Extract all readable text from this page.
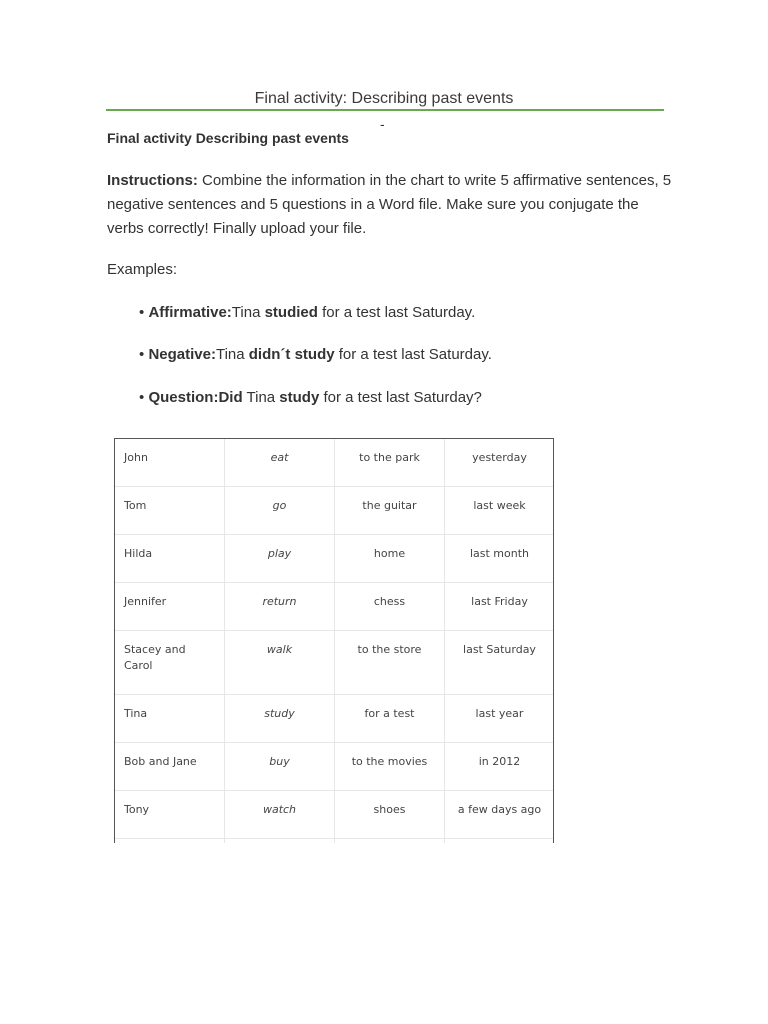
Final activity: Describing past events
-
Final activity Describing past events
Instructions: Combine the information in the chart to write 5 affirmative sentences, 5 negative sentences and 5 questions in a Word file. Make sure you conjugate the verbs correctly! Finally upload your file.
Examples:
• Affirmative:Tina studied for a test last Saturday.
• Negative:Tina didn´t study for a test last Saturday.
• Question:Did Tina study for a test last Saturday?
John	eat	to the park	yesterday
Tom	go	the guitar	last week
Hilda	play	home	last month
Jennifer	return	chess	last Friday
Stacey and Carol	walk	to the store	last Saturday
Tina	study	for a test	last year
Bob and Jane	buy	to the movies	in 2012
Tony	watch	shoes	a few days ago
